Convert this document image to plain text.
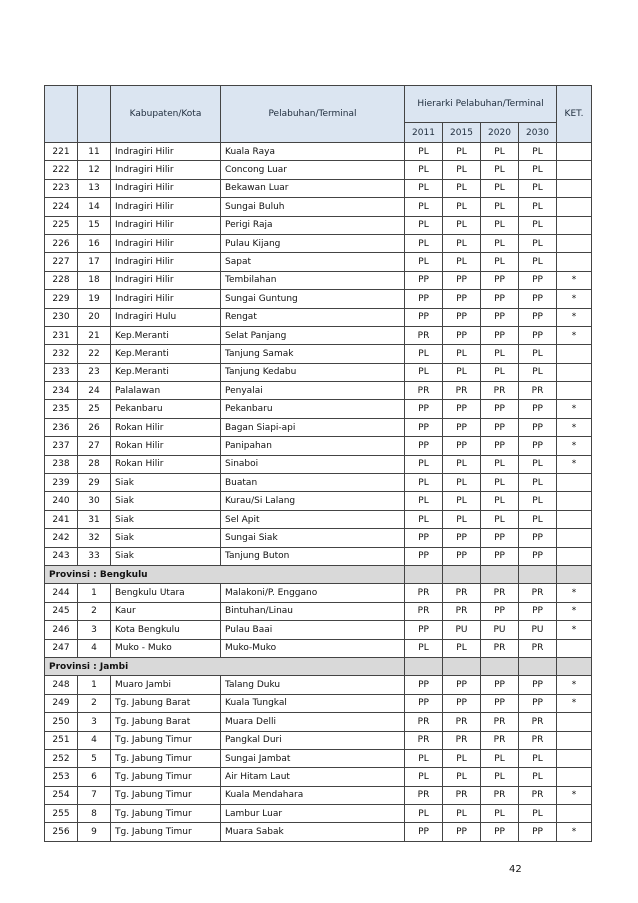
		Kabupaten/Kota	Pelabuhan/Terminal	Hierarki Pelabuhan/Terminal				KET.
				2011	2015	2020	2030	
221	11	Indragiri Hilir	Kuala Raya	PL	PL	PL	PL	
222	12	Indragiri Hilir	Concong Luar	PL	PL	PL	PL	
223	13	Indragiri Hilir	Bekawan Luar	PL	PL	PL	PL	
224	14	Indragiri Hilir	Sungai Buluh	PL	PL	PL	PL	
225	15	Indragiri Hilir	Perigi Raja	PL	PL	PL	PL	
226	16	Indragiri Hilir	Pulau Kijang	PL	PL	PL	PL	
227	17	Indragiri Hilir	Sapat	PL	PL	PL	PL	
228	18	Indragiri Hilir	Tembilahan	PP	PP	PP	PP	*
229	19	Indragiri Hilir	Sungai Guntung	PP	PP	PP	PP	*
230	20	Indragiri Hulu	Rengat	PP	PP	PP	PP	*
231	21	Kep.Meranti	Selat Panjang	PR	PP	PP	PP	*
232	22	Kep.Meranti	Tanjung Samak	PL	PL	PL	PL	
233	23	Kep.Meranti	Tanjung Kedabu	PL	PL	PL	PL	
234	24	Palalawan	Penyalai	PR	PR	PR	PR	
235	25	Pekanbaru	Pekanbaru	PP	PP	PP	PP	*
236	26	Rokan Hilir	Bagan Siapi-api	PP	PP	PP	PP	*
237	27	Rokan Hilir	Panipahan	PP	PP	PP	PP	*
238	28	Rokan Hilir	Sinaboi	PL	PL	PL	PL	*
239	29	Siak	Buatan	PL	PL	PL	PL	
240	30	Siak	Kurau/Si Lalang	PL	PL	PL	PL	
241	31	Siak	Sel Apit	PL	PL	PL	PL	
242	32	Siak	Sungai Siak	PP	PP	PP	PP	
243	33	Siak	Tanjung Buton	PP	PP	PP	PP	
Provinsi : Bengkulu								
244	1	Bengkulu Utara	Malakoni/P. Enggano	PR	PR	PR	PR	*
245	2	Kaur	Bintuhan/Linau	PR	PR	PP	PP	*
246	3	Kota Bengkulu	Pulau Baai	PP	PU	PU	PU	*
247	4	Muko - Muko	Muko-Muko	PL	PL	PR	PR	
Provinsi : Jambi								
248	1	Muaro Jambi	Talang Duku	PP	PP	PP	PP	*
249	2	Tg. Jabung Barat	Kuala Tungkal	PP	PP	PP	PP	*
250	3	Tg. Jabung Barat	Muara Delli	PR	PR	PR	PR	
251	4	Tg. Jabung Timur	Pangkal Duri	PR	PR	PR	PR	
252	5	Tg. Jabung Timur	Sungai Jambat	PL	PL	PL	PL	
253	6	Tg. Jabung Timur	Air Hitam Laut	PL	PL	PL	PL	
254	7	Tg. Jabung Timur	Kuala Mendahara	PR	PR	PR	PR	*
255	8	Tg. Jabung Timur	Lambur Luar	PL	PL	PL	PL	
256	9	Tg. Jabung Timur	Muara Sabak	PP	PP	PP	PP	*
42
